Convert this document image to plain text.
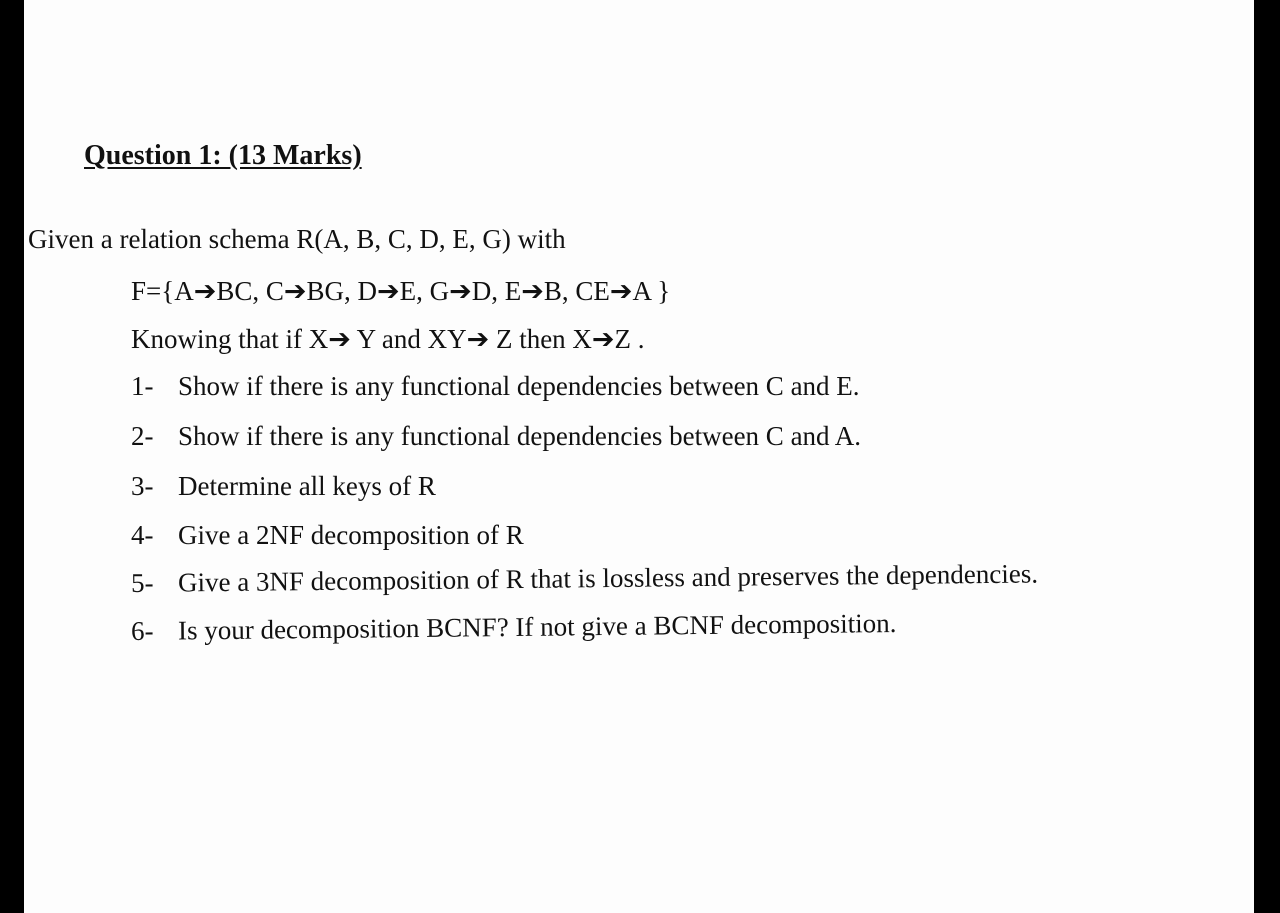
Question 1: (13 Marks)
Given a relation schema R(A, B, C, D, E, G) with
F={A➔BC, C➔BG, D➔E, G➔D, E➔B, CE➔A }
Knowing that if X➔ Y and XY➔ Z then X➔Z .
1- Show if there is any functional dependencies between C and E.
2- Show if there is any functional dependencies between C and A.
3- Determine all keys of R
4- Give a 2NF decomposition of R
5- Give a 3NF decomposition of R that is lossless and preserves the dependencies.
6- Is your decomposition BCNF? If not give a BCNF decomposition.
